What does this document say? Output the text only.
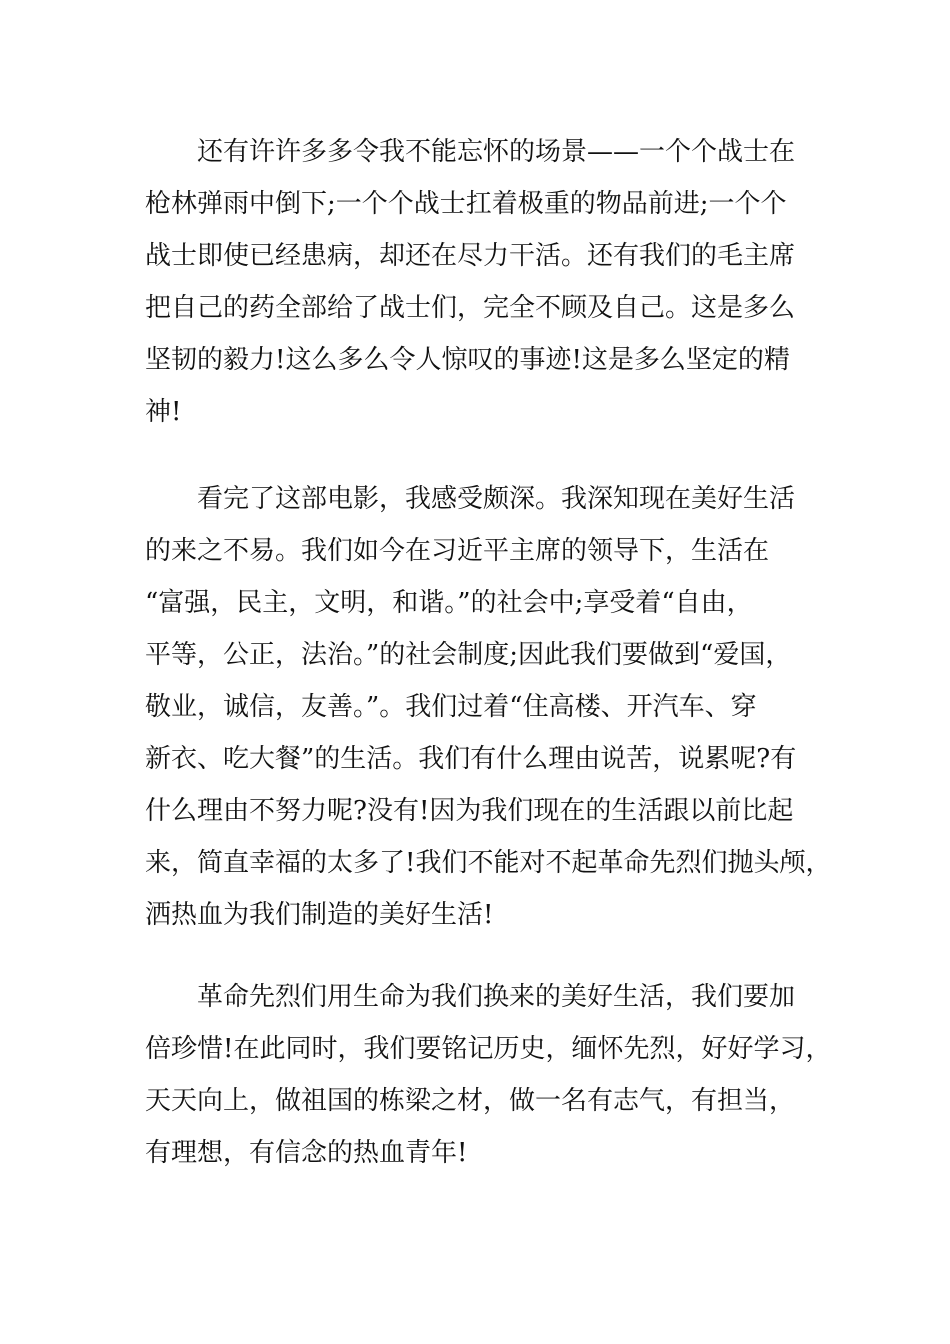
还有许许多多令我不能忘怀的场景——一个个战士在
枪林弹雨中倒下;一个个战士扛着极重的物品前进;一个个
战士即使已经患病，却还在尽力干活。还有我们的毛主席
把自己的药全部给了战士们，完全不顾及自己。这是多么
坚韧的毅力!这么多么令人惊叹的事迹!这是多么坚定的精
神!
看完了这部电影，我感受颇深。我深知现在美好生活
的来之不易。我们如今在习近平主席的领导下，生活在
“富强，民主，文明，和谐。”的社会中;享受着“自由，
平等，公正，法治。”的社会制度;因此我们要做到“爱国，
敬业，诚信，友善。”。我们过着“住高楼、开汽车、穿
新衣、吃大餐”的生活。我们有什么理由说苦，说累呢?有
什么理由不努力呢?没有!因为我们现在的生活跟以前比起
来，简直幸福的太多了!我们不能对不起革命先烈们抛头颅，
洒热血为我们制造的美好生活!
革命先烈们用生命为我们换来的美好生活，我们要加
倍珍惜!在此同时，我们要铭记历史，缅怀先烈，好好学习，
天天向上，做祖国的栋梁之材，做一名有志气，有担当，
有理想，有信念的热血青年!
